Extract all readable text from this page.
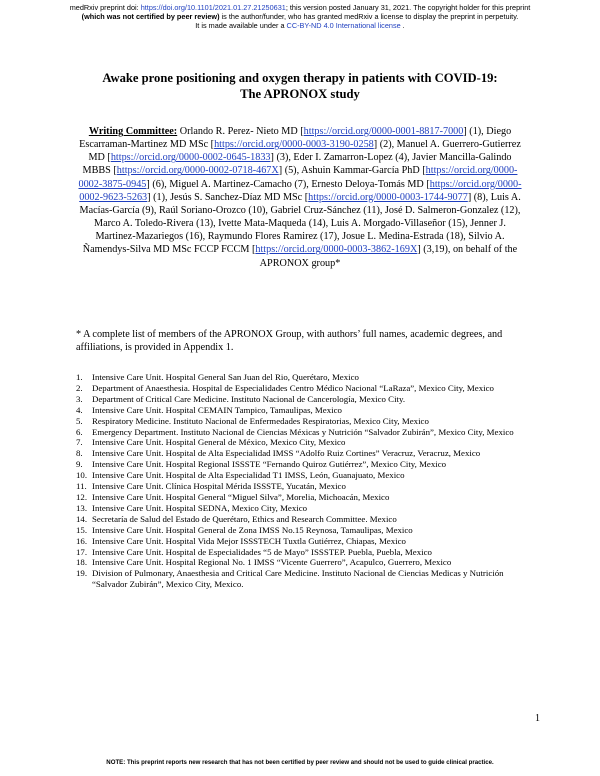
medRxiv preprint doi: https://doi.org/10.1101/2021.01.27.21250631; this version posted January 31, 2021. The copyright holder for this preprint
(which was not certified by peer review) is the author/funder, who has granted medRxiv a license to display the preprint in perpetuity.
It is made available under a CC-BY-ND 4.0 International license .
Awake prone positioning and oxygen therapy in patients with COVID-19:
The APRONOX study
Writing Committee: Orlando R. Perez- Nieto MD [https://orcid.org/0000-0001-8817-7000] (1), Diego Escarraman-Martinez MD MSc [https://orcid.org/0000-0003-3190-0258] (2), Manuel A. Guerrero-Gutierrez MD [https://orcid.org/0000-0002-0645-1833] (3), Eder I. Zamarron-Lopez (4), Javier Mancilla-Galindo MBBS [https://orcid.org/0000-0002-0718-467X] (5), Ashuin Kammar-García PhD [https://orcid.org/0000-0002-3875-0945] (6), Miguel A. Martinez-Camacho (7), Ernesto Deloya-Tomás MD [https://orcid.org/0000-0002-9623-5263] (1), Jesús S. Sanchez-Díaz MD MSc [https://orcid.org/0000-0003-1744-9077] (8), Luis A. Macías-García (9), Raúl Soriano-Orozco (10), Gabriel Cruz-Sánchez (11), José D. Salmeron-Gonzalez (12), Marco A. Toledo-Rivera (13), Ivette Mata-Maqueda (14), Luis A. Morgado-Villaseñor (15), Jenner J. Martinez-Mazariegos (16), Raymundo Flores Ramirez (17), Josue L. Medina-Estrada (18), Silvio A. Ñamendys-Silva MD MSc FCCP FCCM [https://orcid.org/0000-0003-3862-169X] (3,19), on behalf of the APRONOX group*
* A complete list of members of the APRONOX Group, with authors’ full names, academic degrees, and affiliations, is provided in Appendix 1.
1. Intensive Care Unit. Hospital General San Juan del Rio, Querétaro, Mexico
2. Department of Anaesthesia. Hospital de Especialidades Centro Médico Nacional “LaRaza”, Mexico City, Mexico
3. Department of Critical Care Medicine. Instituto Nacional de Cancerología, Mexico City.
4. Intensive Care Unit. Hospital CEMAIN Tampico, Tamaulipas, Mexico
5. Respiratory Medicine. Instituto Nacional de Enfermedades Respiratorias, Mexico City, Mexico
6. Emergency Department. Instituto Nacional de Ciencias Méxicas y Nutrición “Salvador Zubirán”, Mexico City, Mexico
7. Intensive Care Unit. Hospital General de México, Mexico City, Mexico
8. Intensive Care Unit. Hospital de Alta Especialidad IMSS “Adolfo Ruiz Cortines” Veracruz, Veracruz, Mexico
9. Intensive Care Unit. Hospital Regional ISSSTE “Fernando Quiroz Gutiérrez”, Mexico City, Mexico
10. Intensive Care Unit. Hospital de Alta Especialidad T1 IMSS, León, Guanajuato, Mexico
11. Intensive Care Unit. Clínica Hospital Mérida ISSSTE, Yucatán, Mexico
12. Intensive Care Unit. Hospital General “Miguel Silva”, Morelia, Michoacán, Mexico
13. Intensive Care Unit. Hospital SEDNA, Mexico City, Mexico
14. Secretaría de Salud del Estado de Querétaro, Ethics and Research Committee. Mexico
15. Intensive Care Unit. Hospital General de Zona IMSS No.15 Reynosa, Tamaulipas, Mexico
16. Intensive Care Unit. Hospital Vida Mejor ISSSTECH Tuxtla Gutiérrez, Chiapas, Mexico
17. Intensive Care Unit. Hospital de Especialidades “5 de Mayo” ISSSTEP. Puebla, Puebla, Mexico
18. Intensive Care Unit. Hospital Regional No. 1 IMSS “Vicente Guerrero”, Acapulco, Guerrero, Mexico
19. Division of Pulmonary, Anaesthesia and Critical Care Medicine. Instituto Nacional de Ciencias Medicas y Nutrición “Salvador Zubirán”, Mexico City, Mexico.
1
NOTE: This preprint reports new research that has not been certified by peer review and should not be used to guide clinical practice.
